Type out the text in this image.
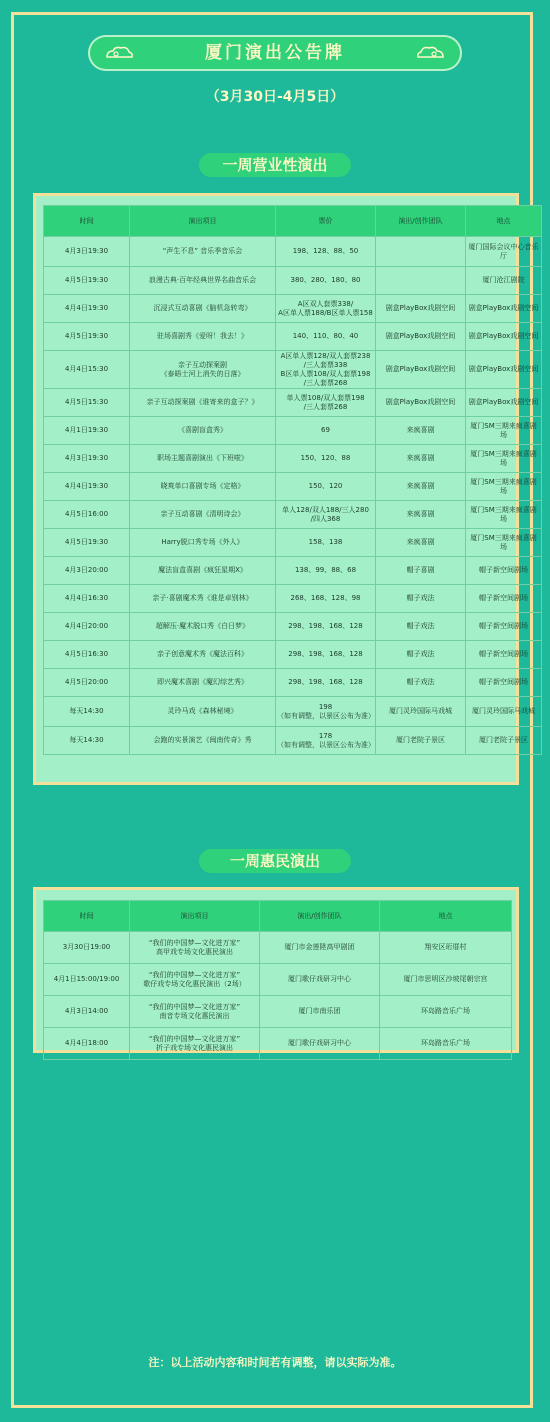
厦门演出公告牌
（3月30日-4月5日）
一周营业性演出
时间	演出项目	票价	演出/创作团队	地点
4月3日19:30	“声生不息” 音乐季音乐会	198、128、88、50		厦门国际会议中心音乐厅
4月5日19:30	浪漫古典·百年经典世界名曲音乐会	380、280、180、80		厦门沧江剧院
4月4日19:30	沉浸式互动喜剧《脑机急转弯》	A区双人套票338/
A区单人票188/B区单人票158	剧盒PlayBox戏剧空间	剧盒PlayBox戏剧空间
4月5日19:30	驻场喜剧秀《爱呀！我去！》	140、110、80、40	剧盒PlayBox戏剧空间	剧盒PlayBox戏剧空间
4月4日15:30	亲子互动探案剧
《泰晤士河上消失的日落》	A区单人票128/双人套票238
/三人套票338
B区单人票108/双人套票198
/三人套票268	剧盒PlayBox戏剧空间	剧盒PlayBox戏剧空间
4月5日15:30	亲子互动探案剧《谁寄来的盒子？》	单人票108/双人套票198
/三人套票268	剧盒PlayBox戏剧空间	剧盒PlayBox戏剧空间
4月1日19:30	《喜剧盲盒秀》	69	来疯喜剧	厦门SM三期来疯喜剧场
4月3日19:30	职场主题喜剧演出《下班啦》	150、120、88	来疯喜剧	厦门SM三期来疯喜剧场
4月4日19:30	晓爽单口喜剧专场《定格》	150、120	来疯喜剧	厦门SM三期来疯喜剧场
4月5日16:00	亲子互动喜剧《清明诗会》	单人128/双人188/三人280
/四人368	来疯喜剧	厦门SM三期来疯喜剧场
4月5日19:30	Harry脱口秀专场《外人》	158、138	来疯喜剧	厦门SM三期来疯喜剧场
4月3日20:00	魔法盲盒喜剧《疯狂星期X》	138、99、88、68	帽子喜剧	帽子新空间剧场
4月4日16:30	亲子·喜剧魔术秀《谁是卓别林》	268、168、128、98	帽子戏法	帽子新空间剧场
4月4日20:00	超解压·魔术脱口秀《白日梦》	298、198、168、128	帽子戏法	帽子新空间剧场
4月5日16:30	亲子创意魔术秀《魔法百科》	298、198、168、128	帽子戏法	帽子新空间剧场
4月5日20:00	即兴魔术喜剧《魔幻综艺秀》	298、198、168、128	帽子戏法	帽子新空间剧场
每天14:30	灵玲马戏《森林秘境》	198
（如有调整，以景区公布为准）	厦门灵玲国际马戏城	厦门灵玲国际马戏城
每天14:30	会跑的实景演艺《闽南传奇》秀	178
（如有调整，以景区公布为准）	厦门老院子景区	厦门老院子景区
一周惠民演出
时间	演出项目	演出/创作团队	地点
3月30日19:00	“我们的中国梦—文化进万家”
高甲戏专场文化惠民演出	厦门市金莲陞高甲剧团	翔安区珩厝村
4月1日15:00/19:00	“我们的中国梦—文化进万家”
歌仔戏专场文化惠民演出（2场）	厦门歌仔戏研习中心	厦门市思明区沙坡尾朝宗宫
4月3日14:00	“我们的中国梦—文化进万家”
南音专场文化惠民演出	厦门市南乐团	环岛路音乐广场
4月4日18:00	“我们的中国梦—文化进万家”
折子戏专场文化惠民演出	厦门歌仔戏研习中心	环岛路音乐广场
注：以上活动内容和时间若有调整，请以实际为准。
